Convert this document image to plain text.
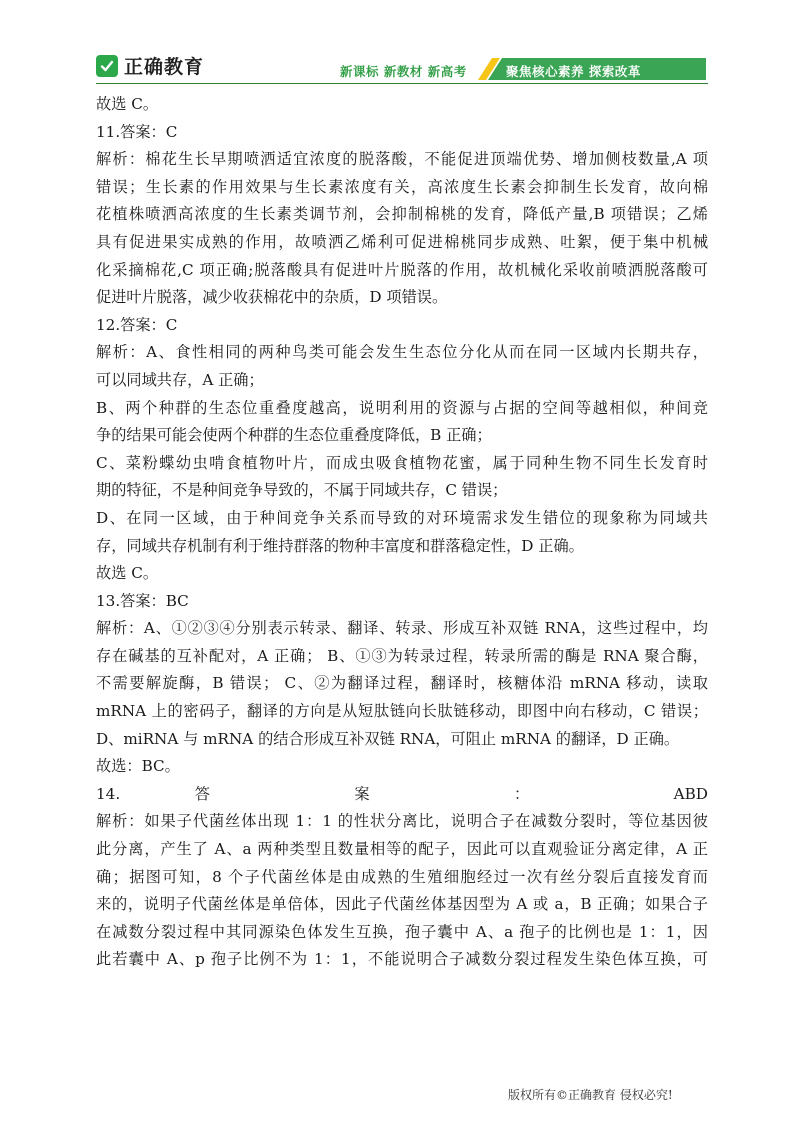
正确教育	新课标 新教材 新高考	聚焦核心素养 探索改革
故选 C。
11.答案：C
解析：棉花生长早期喷洒适宜浓度的脱落酸，不能促进顶端优势、增加侧枝数量,A 项
错误；生长素的作用效果与生长素浓度有关，高浓度生长素会抑制生长发育，故向棉
花植株喷洒高浓度的生长素类调节剂，会抑制棉桃的发育，降低产量,B 项错误；乙烯
具有促进果实成熟的作用，故喷洒乙烯利可促进棉桃同步成熟、吐絮，便于集中机械
化采摘棉花,C 项正确;脱落酸具有促进叶片脱落的作用，故机械化采收前喷洒脱落酸可
促进叶片脱落，减少收获棉花中的杂质，D 项错误。
12.答案：C
解析：A、食性相同的两种鸟类可能会发生生态位分化从而在同一区域内长期共存，
可以同域共存，A 正确；
B、两个种群的生态位重叠度越高，说明利用的资源与占据的空间等越相似，种间竞
争的结果可能会使两个种群的生态位重叠度降低，B 正确；
C、菜粉蝶幼虫啃食植物叶片，而成虫吸食植物花蜜，属于同种生物不同生长发育时
期的特征，不是种间竞争导致的，不属于同域共存，C 错误；
D、在同一区域，由于种间竞争关系而导致的对环境需求发生错位的现象称为同域共
存，同域共存机制有利于维持群落的物种丰富度和群落稳定性，D 正确。
故选 C。
13.答案：BC
解析：A、①②③④分别表示转录、翻译、转录、形成互补双链 RNA，这些过程中，均
存在碱基的互补配对，A 正确； B、①③为转录过程，转录所需的酶是 RNA 聚合酶，
不需要解旋酶，B 错误； C、②为翻译过程，翻译时，核糖体沿 mRNA 移动，读取
mRNA 上的密码子，翻译的方向是从短肽链向长肽链移动，即图中向右移动，C 错误；
D、miRNA 与 mRNA 的结合形成互补双链 RNA，可阻止 mRNA 的翻译，D 正确。
故选：BC。
14. 答 案 ： ABD
解析：如果子代菌丝体出现 1：1 的性状分离比，说明合子在减数分裂时，等位基因彼
此分离，产生了 A、a 两种类型且数量相等的配子，因此可以直观验证分离定律，A 正
确；据图可知，8 个子代菌丝体是由成熟的生殖细胞经过一次有丝分裂后直接发育而
来的，说明子代菌丝体是单倍体，因此子代菌丝体基因型为 A 或 a，B 正确；如果合子
在减数分裂过程中其同源染色体发生互换，孢子囊中 A、a 孢子的比例也是 1：1，因
此若囊中 A、p 孢子比例不为 1：1，不能说明合子减数分裂过程发生染色体互换，可
版权所有©正确教育 侵权必究!
